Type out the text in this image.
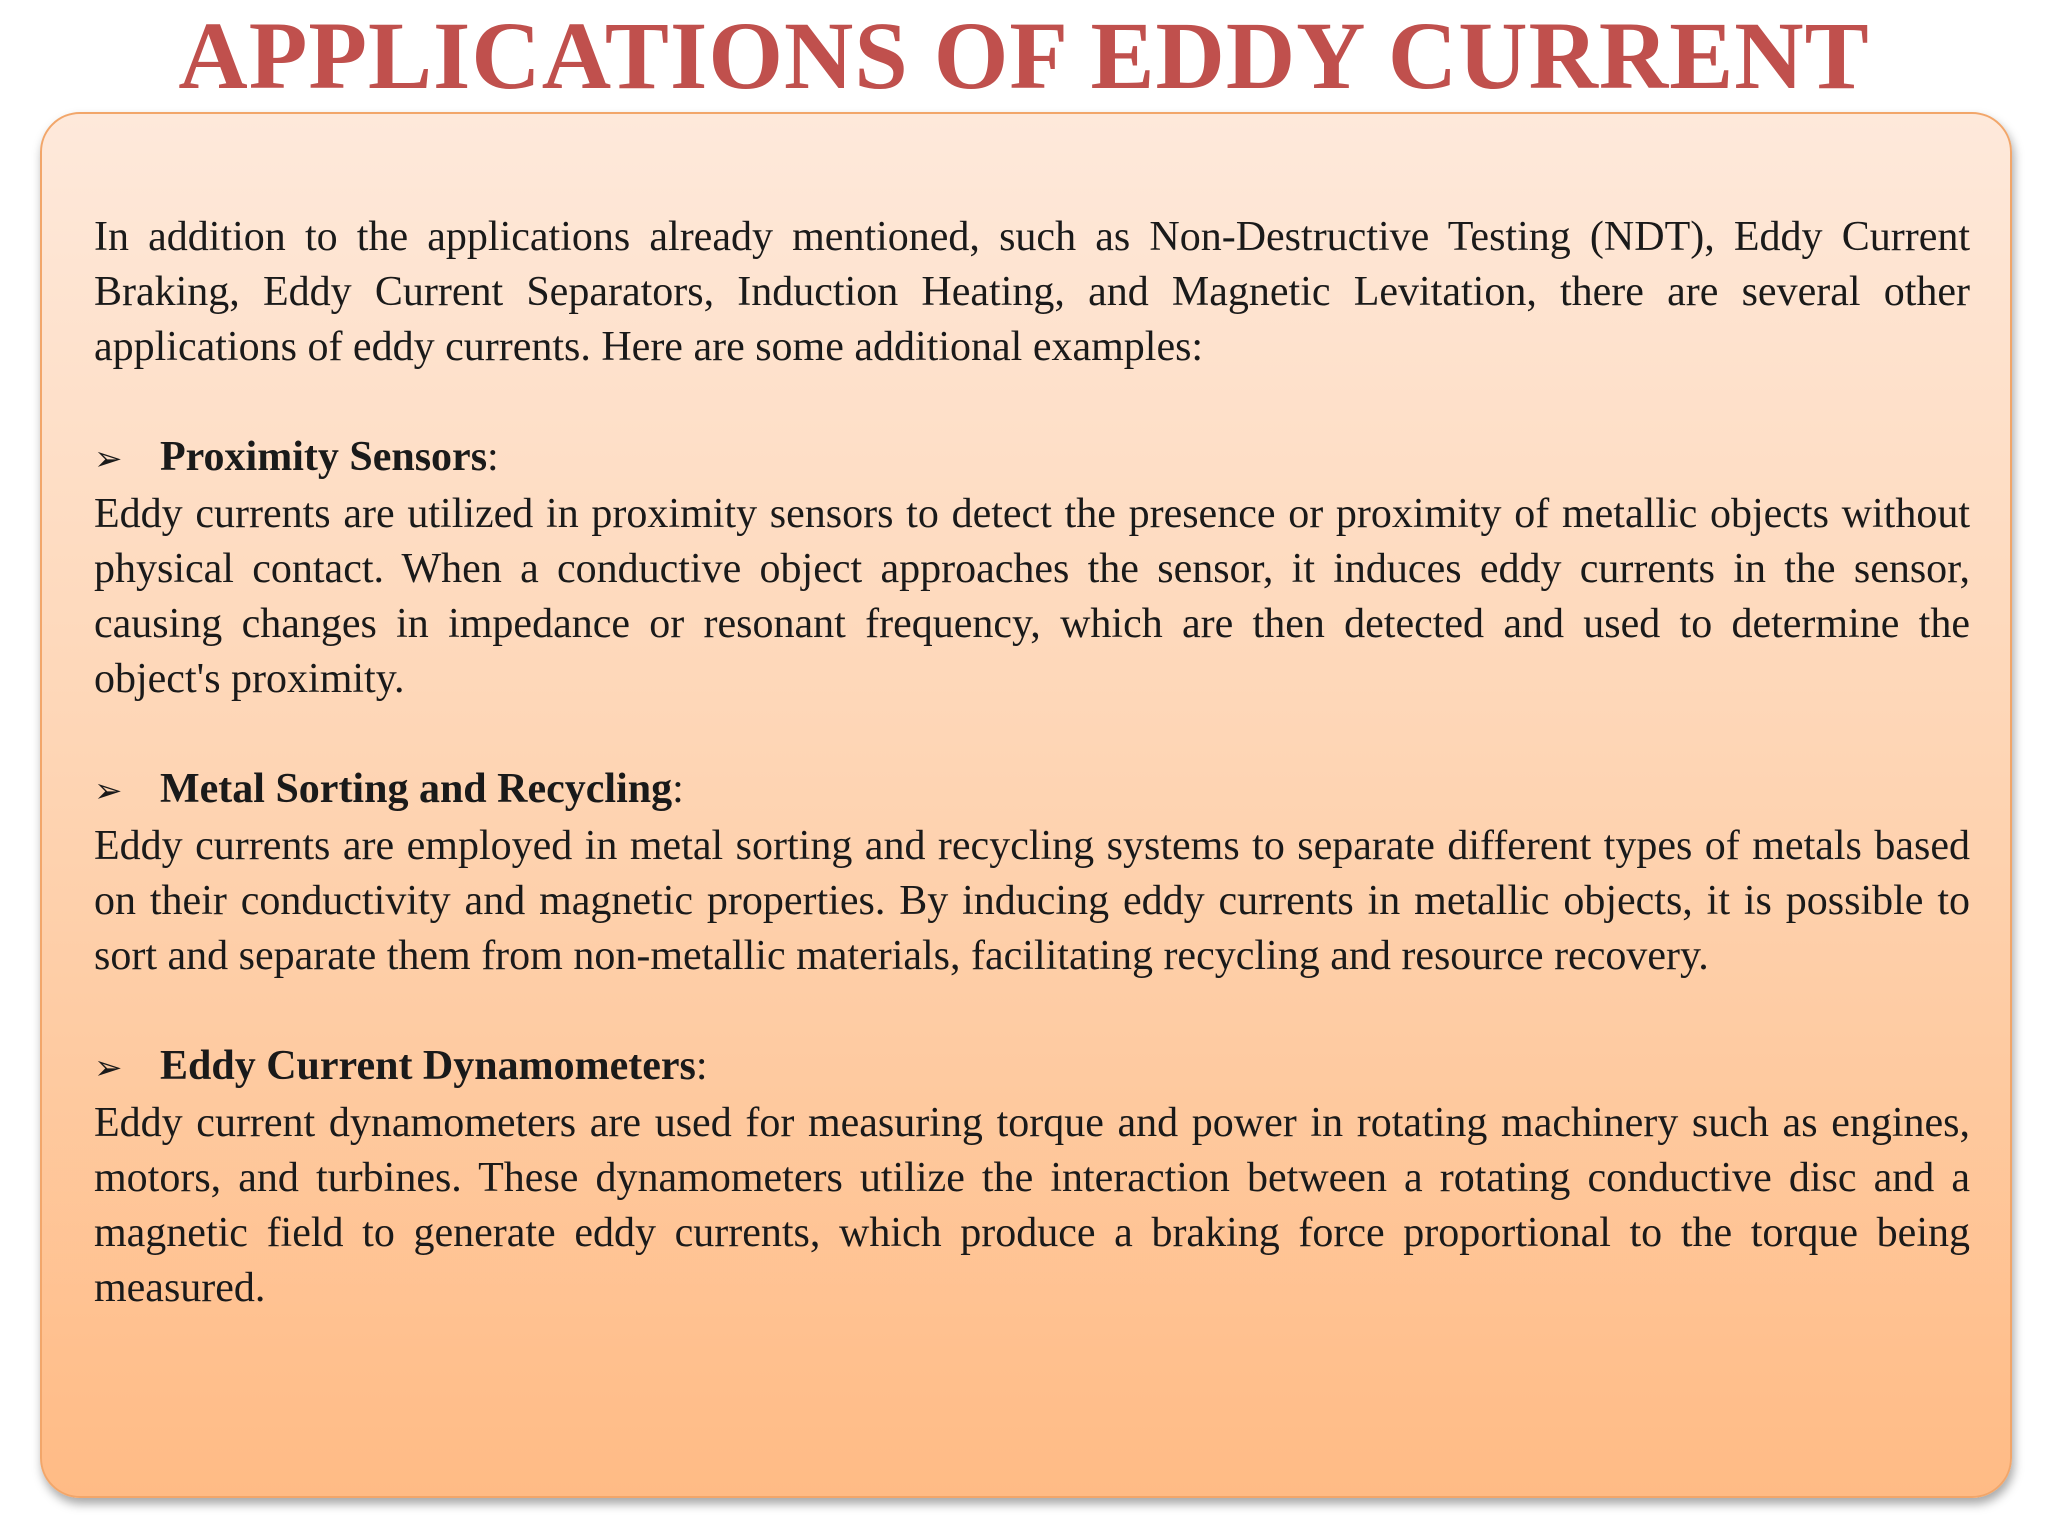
APPLICATIONS OF EDDY CURRENT

In addition to the applications already mentioned, such as Non-Destructive Testing (NDT), Eddy Current Braking, Eddy Current Separators, Induction Heating, and Magnetic Levitation, there are several other applications of eddy currents. Here are some additional examples:

➢ Proximity Sensors :

Eddy currents are utilized in proximity sensors to detect the presence or proximity of metallic objects without physical contact. When a conductive object approaches the sensor, it induces eddy currents in the sensor, causing changes in impedance or resonant frequency, which are then detected and used to determine the object's proximity.

➢ Metal Sorting and Recycling :

Eddy currents are employed in metal sorting and recycling systems to separate different types of metals based on their conductivity and magnetic properties. By inducing eddy currents in metallic objects, it is possible to sort and separate them from non-metallic materials, facilitating recycling and resource recovery.

➢ Eddy Current Dynamometers :

Eddy current dynamometers are used for measuring torque and power in rotating machinery such as engines, motors, and turbines. These dynamometers utilize the interaction between a rotating conductive disc and a magnetic field to generate eddy currents, which produce a braking force proportional to the torque being measured.
